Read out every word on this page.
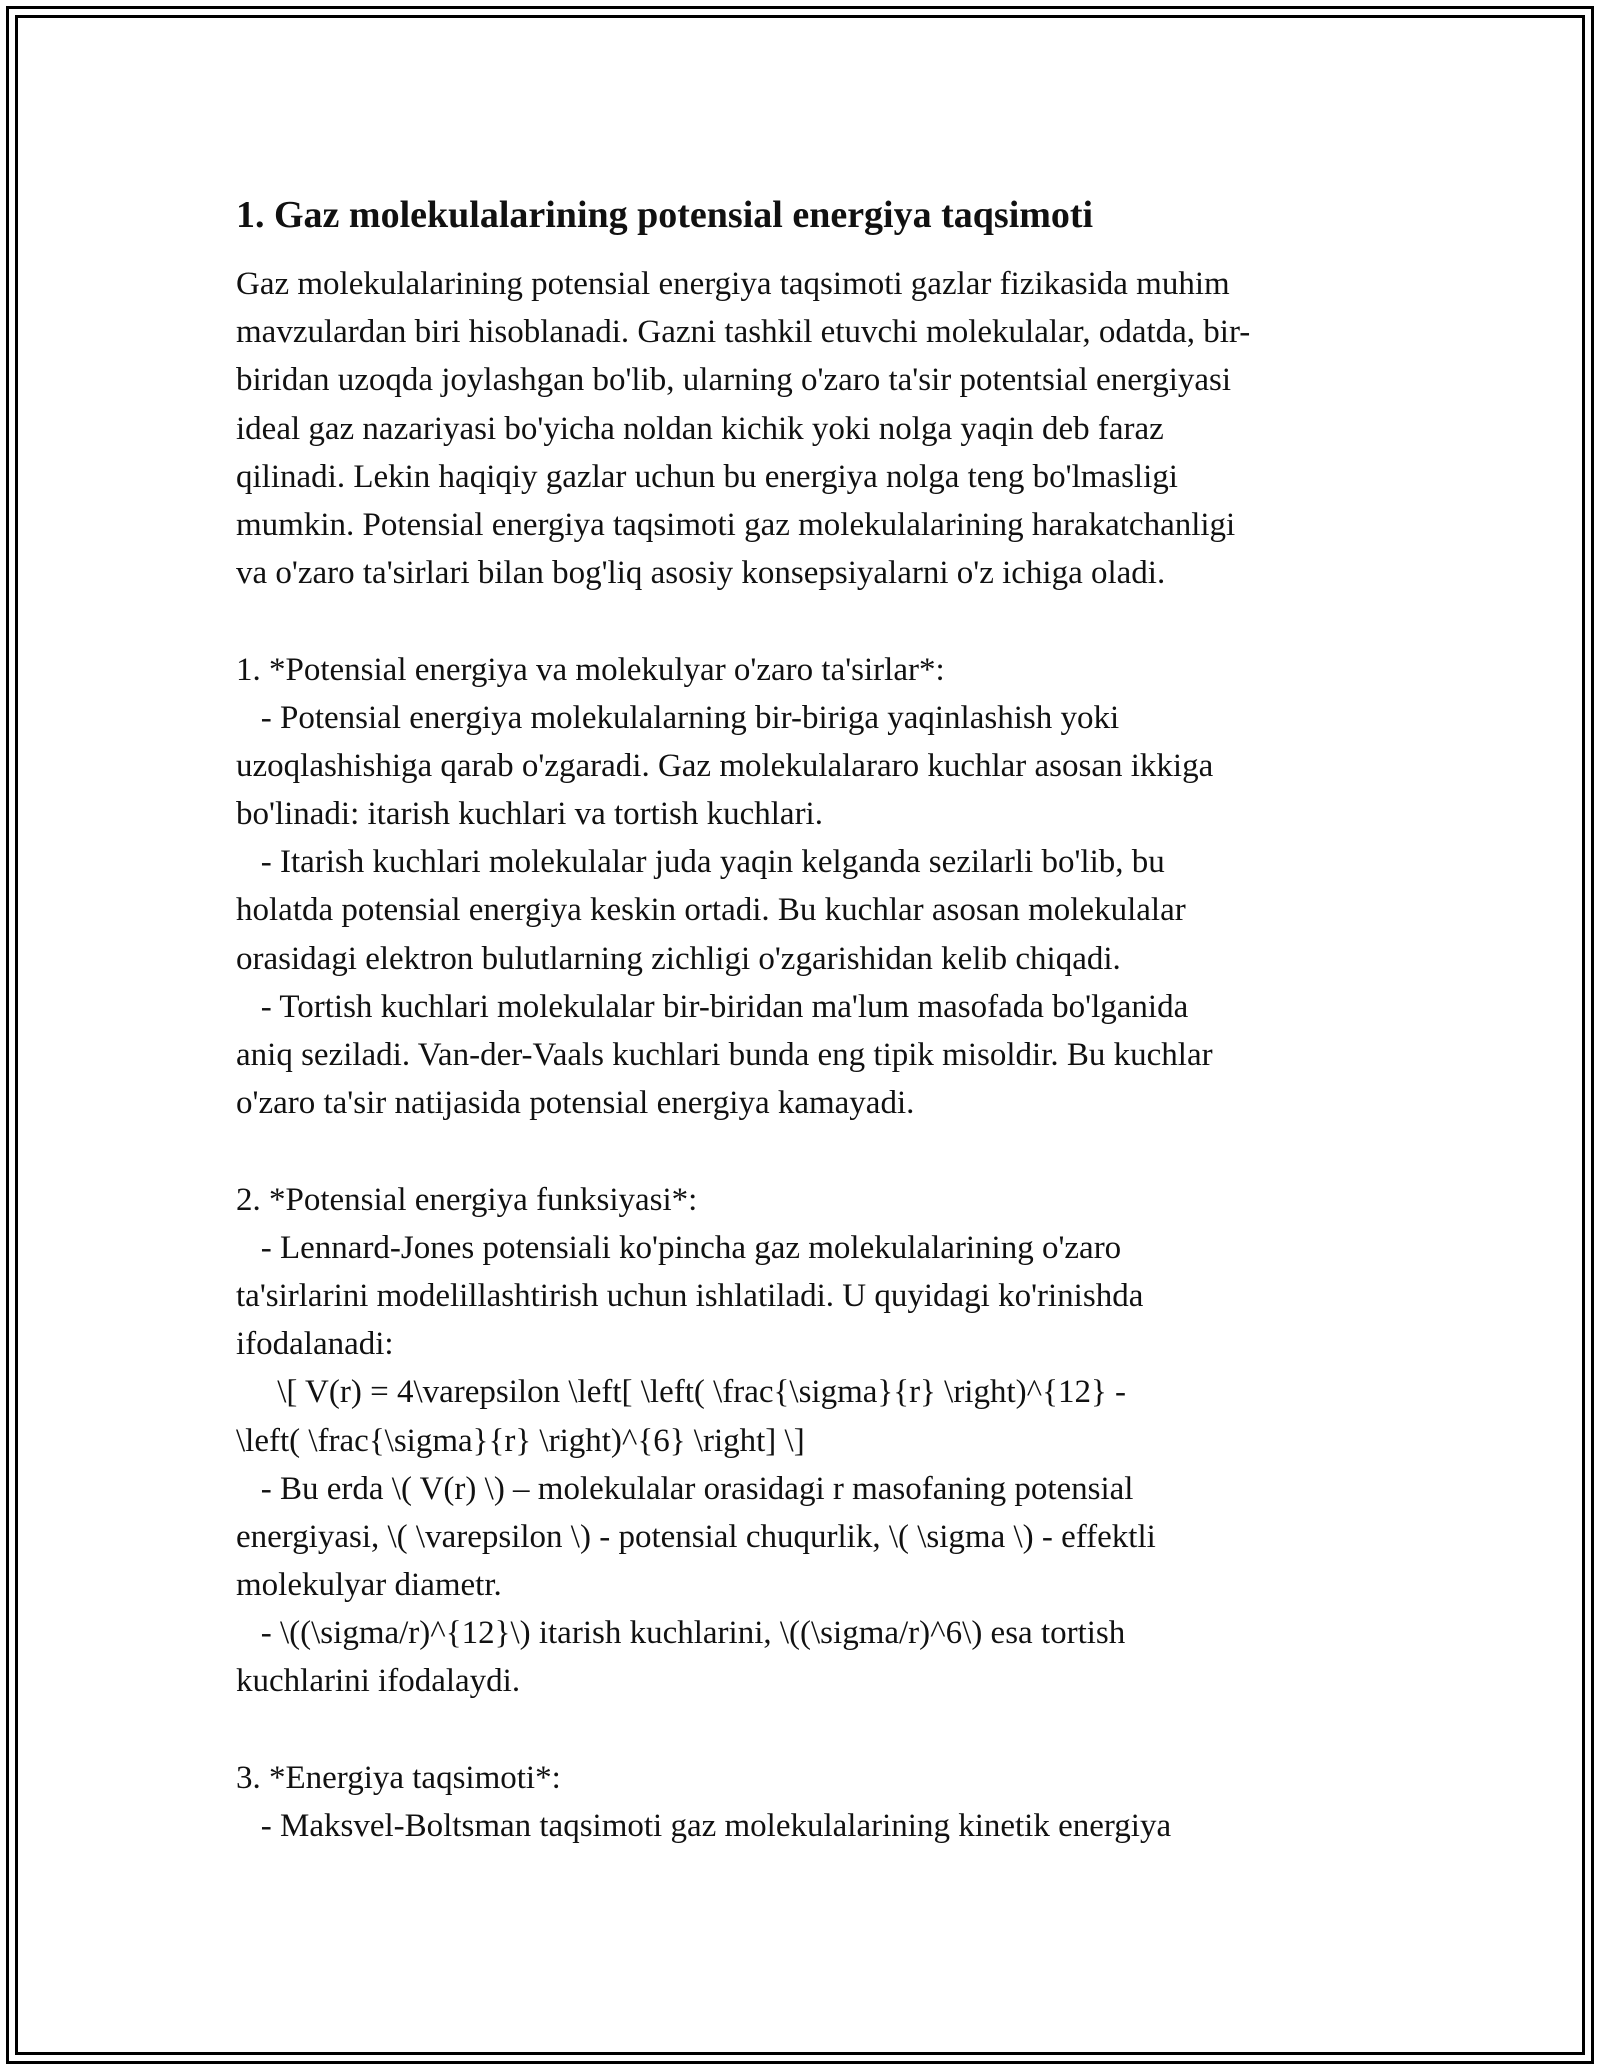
1. Gaz molekulalarining potensial energiya taqsimoti
Gaz molekulalarining potensial energiya taqsimoti gazlar fizikasida muhim
mavzulardan biri hisoblanadi. Gazni tashkil etuvchi molekulalar, odatda, bir-
biridan uzoqda joylashgan bo'lib, ularning o'zaro ta'sir potentsial energiyasi
ideal gaz nazariyasi bo'yicha noldan kichik yoki nolga yaqin deb faraz
qilinadi. Lekin haqiqiy gazlar uchun bu energiya nolga teng bo'lmasligi
mumkin. Potensial energiya taqsimoti gaz molekulalarining harakatchanligi
va o'zaro ta'sirlari bilan bog'liq asosiy konsepsiyalarni o'z ichiga oladi.
1. *Potensial energiya va molekulyar o'zaro ta'sirlar*:
- Potensial energiya molekulalarning bir-biriga yaqinlashish yoki
uzoqlashishiga qarab o'zgaradi. Gaz molekulalararo kuchlar asosan ikkiga
bo'linadi: itarish kuchlari va tortish kuchlari.
- Itarish kuchlari molekulalar juda yaqin kelganda sezilarli bo'lib, bu
holatda potensial energiya keskin ortadi. Bu kuchlar asosan molekulalar
orasidagi elektron bulutlarning zichligi o'zgarishidan kelib chiqadi.
- Tortish kuchlari molekulalar bir-biridan ma'lum masofada bo'lganida
aniq seziladi. Van-der-Vaals kuchlari bunda eng tipik misoldir. Bu kuchlar
o'zaro ta'sir natijasida potensial energiya kamayadi.
2. *Potensial energiya funksiyasi*:
- Lennard-Jones potensiali ko'pincha gaz molekulalarining o'zaro
ta'sirlarini modelillashtirish uchun ishlatiladi. U quyidagi ko'rinishda
ifodalanadi:
\[ V(r) = 4\varepsilon \left[ \left( \frac{\sigma}{r} \right)^{12} -
\left( \frac{\sigma}{r} \right)^{6} \right] \]
- Bu erda \( V(r) \) – molekulalar orasidagi r masofaning potensial
energiyasi, \( \varepsilon \) - potensial chuqurlik, \( \sigma \) - effektli
molekulyar diametr.
- \((\sigma/r)^{12}\) itarish kuchlarini, \((\sigma/r)^6\) esa tortish
kuchlarini ifodalaydi.
3. *Energiya taqsimoti*:
- Maksvel-Boltsman taqsimoti gaz molekulalarining kinetik energiya
